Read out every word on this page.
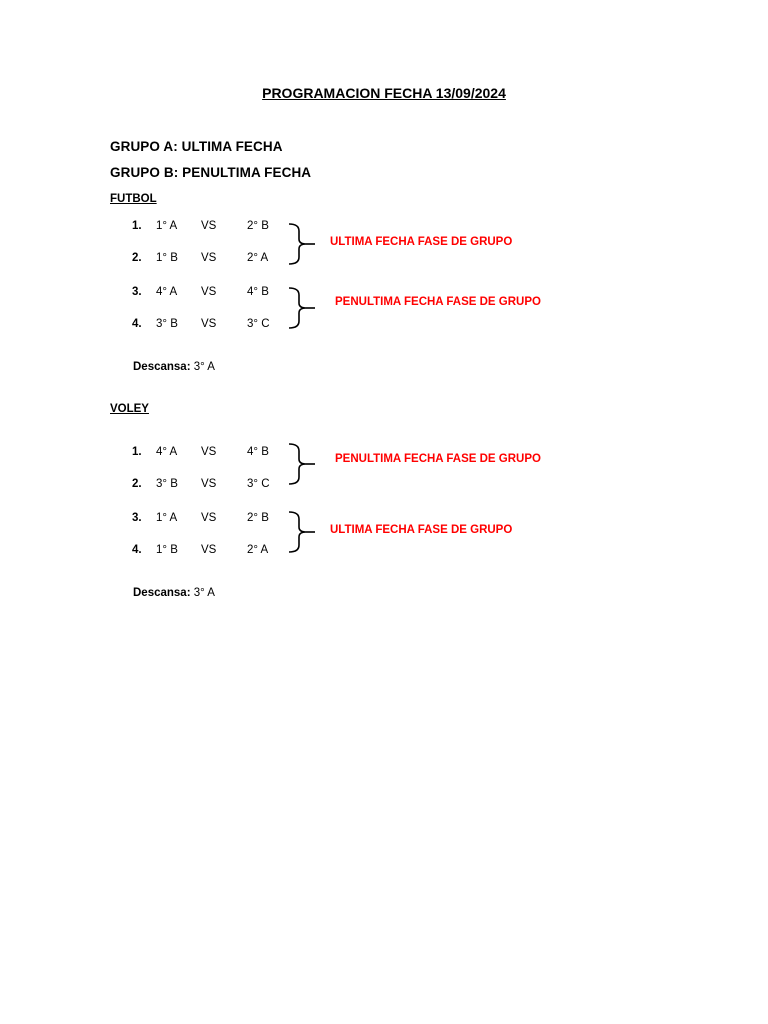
PROGRAMACION FECHA 13/09/2024
GRUPO A: ULTIMA FECHA
GRUPO B: PENULTIMA FECHA
FUTBOL
1. 1° A VS	2° B
2. 1° B VS	2° A
3. 4° A VS	4° B
4. 3° B VS	3° C
ULTIMA FECHA FASE DE GRUPO
PENULTIMA FECHA FASE DE GRUPO
Descansa: 3° A
VOLEY
1. 4° A VS	4° B
2. 3° B VS	3° C
3. 1° A VS	2° B
4. 1° B VS	2° A
PENULTIMA FECHA FASE DE GRUPO
ULTIMA FECHA FASE DE GRUPO
Descansa: 3° A
